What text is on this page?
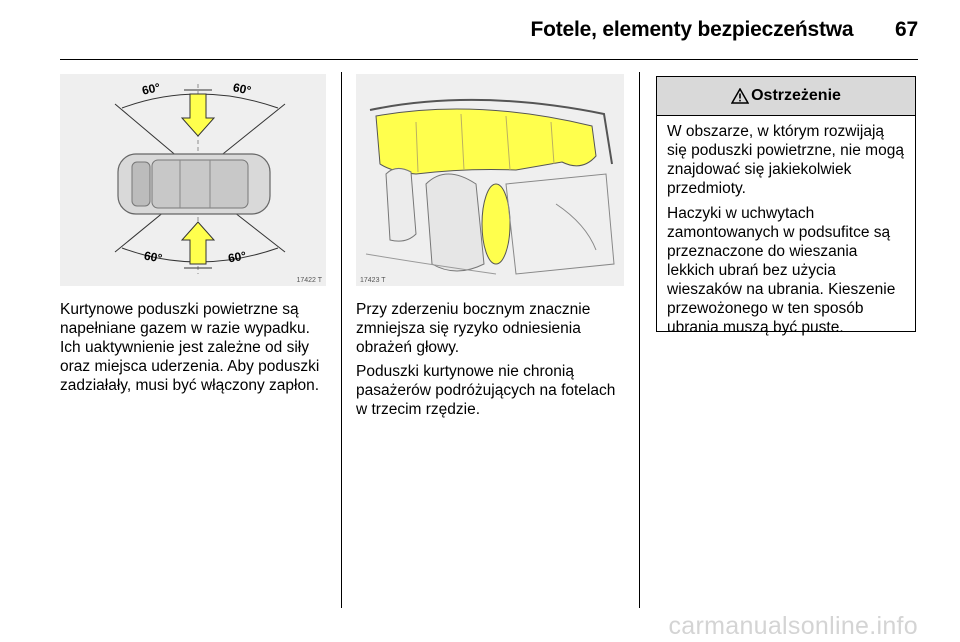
Fotele, elementy bezpieczeństwa 67
60°	60°
60°	60°
17422 T	17423 T

Kurtynowe poduszki powietrzne są napełniane gazem w razie wypadku. Ich uaktywnienie jest zależne od siły oraz miejsca uderzenia. Aby poduszki zadziałały, musi być włączony zapłon.

Przy zderzeniu bocznym znacznie zmniejsza się ryzyko odniesienia obrażeń głowy.

Poduszki kurtynowe nie chronią pasażerów podróżujących na fotelach w trzecim rzędzie.

Ostrzeżenie

W obszarze, w którym rozwijają się poduszki powietrzne, nie mogą znajdować się jakiekolwiek przedmioty.

Haczyki w uchwytach zamontowanych w podsufitce są przeznaczone do wieszania lekkich ubrań bez użycia wieszaków na ubrania. Kieszenie przewożonego w ten sposób ubrania muszą być puste.

carmanualsonline.info
